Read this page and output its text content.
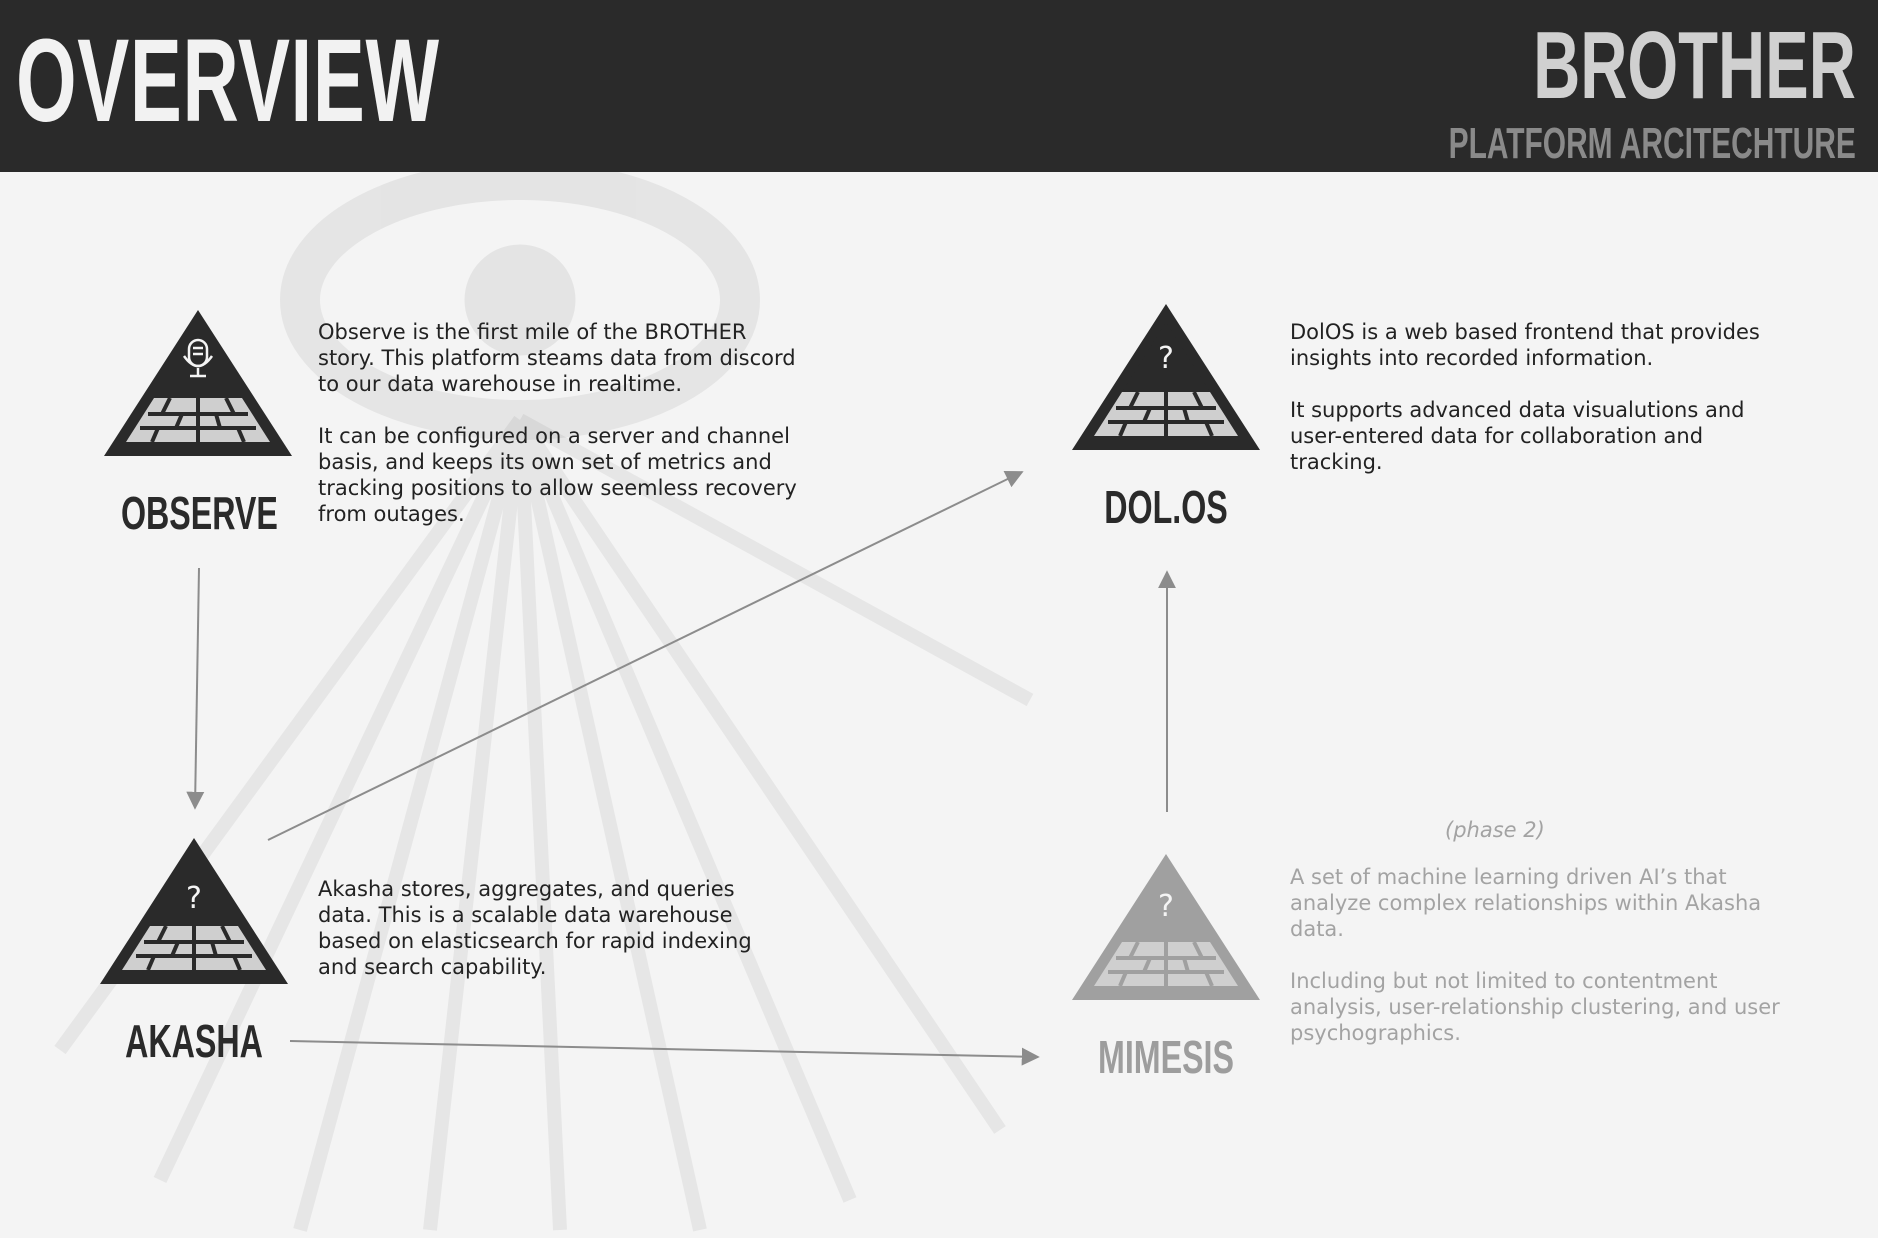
OVERVIEW	BROTHER
PLATFORM ARCITECHTURE
?
?
?
OBSERVE
AKASHA
DOL.OS
MIMESIS

Observe is the first mile of the BROTHER story. This platform steams data from discord to our data warehouse in realtime.

It can be configured on a server and channel basis, and keeps its own set of metrics and tracking positions to allow seemless recovery from outages.

Akasha stores, aggregates, and queries data. This is a scalable data warehouse based on elasticsearch for rapid indexing and search capability.

DolOS is a web based frontend that provides insights into recorded information.

It supports advanced data visualutions and user-entered data for collaboration and tracking.

(phase 2)

A set of machine learning driven AI’s that analyze complex relationships within Akasha data.

Including but not limited to contentment analysis, user-relationship clustering, and user psychographics.
